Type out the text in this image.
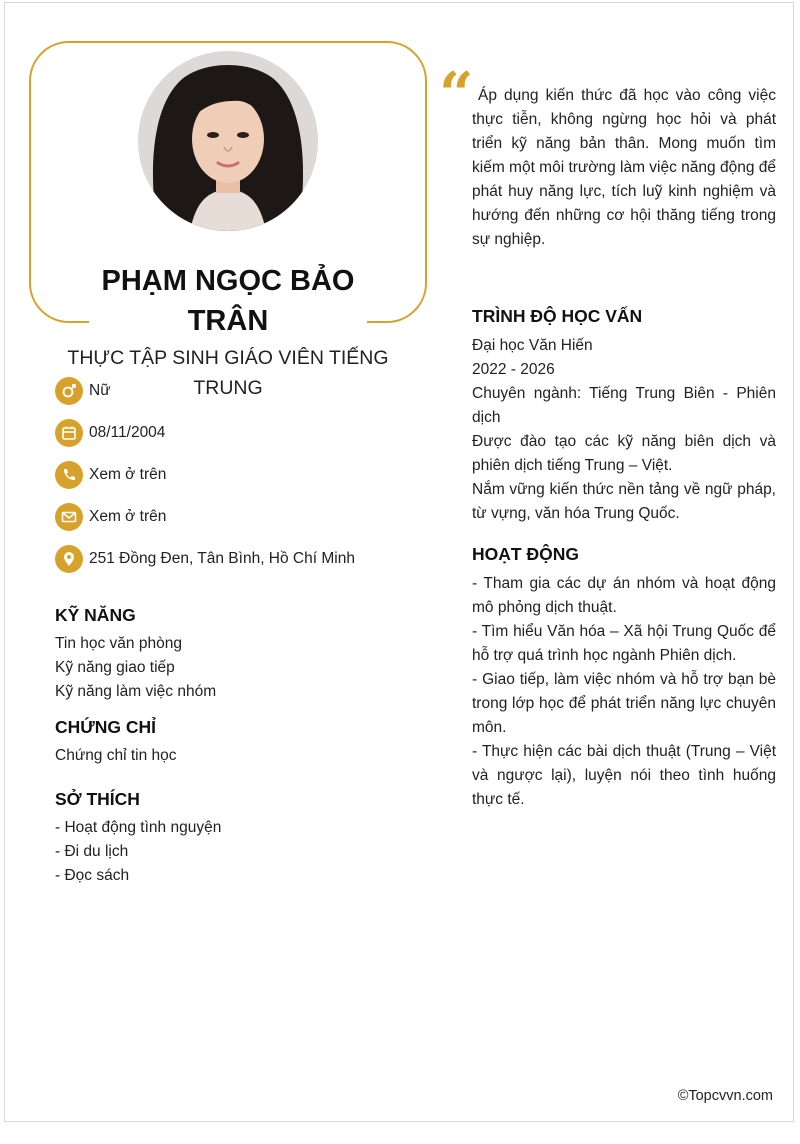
PHẠM NGỌC BẢO TRÂN
THỰC TẬP SINH GIÁO VIÊN TIẾNG TRUNG
Nữ
08/11/2004
Xem ở trên
Xem ở trên
251 Đồng Đen, Tân Bình, Hồ Chí Minh
KỸ NĂNG
Tin học văn phòng
Kỹ năng giao tiếp
Kỹ năng làm việc nhóm
CHỨNG CHỈ
Chứng chỉ tin học
SỞ THÍCH
- Hoạt động tình nguyện
- Đi du lịch
- Đọc sách
“ Áp dụng kiến thức đã học vào công việc thực tiễn, không ngừng học hỏi và phát triển kỹ năng bản thân. Mong muốn tìm kiếm một môi trường làm việc năng động để phát huy năng lực, tích luỹ kinh nghiệm và hướng đến những cơ hội thăng tiếng trong sự nghiệp.
TRÌNH ĐỘ HỌC VẤN

Đại học Văn Hiến

2022 - 2026

Chuyên ngành: Tiếng Trung Biên - Phiên dịch

Được đào tạo các kỹ năng biên dịch và phiên dịch tiếng Trung – Việt.

Nắm vững kiến thức nền tảng về ngữ pháp, từ vựng, văn hóa Trung Quốc.

HOẠT ĐỘNG

- Tham gia các dự án nhóm và hoạt động mô phỏng dịch thuật.

- Tìm hiểu Văn hóa – Xã hội Trung Quốc để hỗ trợ quá trình học ngành Phiên dịch.

- Giao tiếp, làm việc nhóm và hỗ trợ bạn bè trong lớp học để phát triển năng lực chuyên môn.

- Thực hiện các bài dịch thuật (Trung – Việt và ngược lại), luyện nói theo tình huống thực tế.

©Topcvvn.com
